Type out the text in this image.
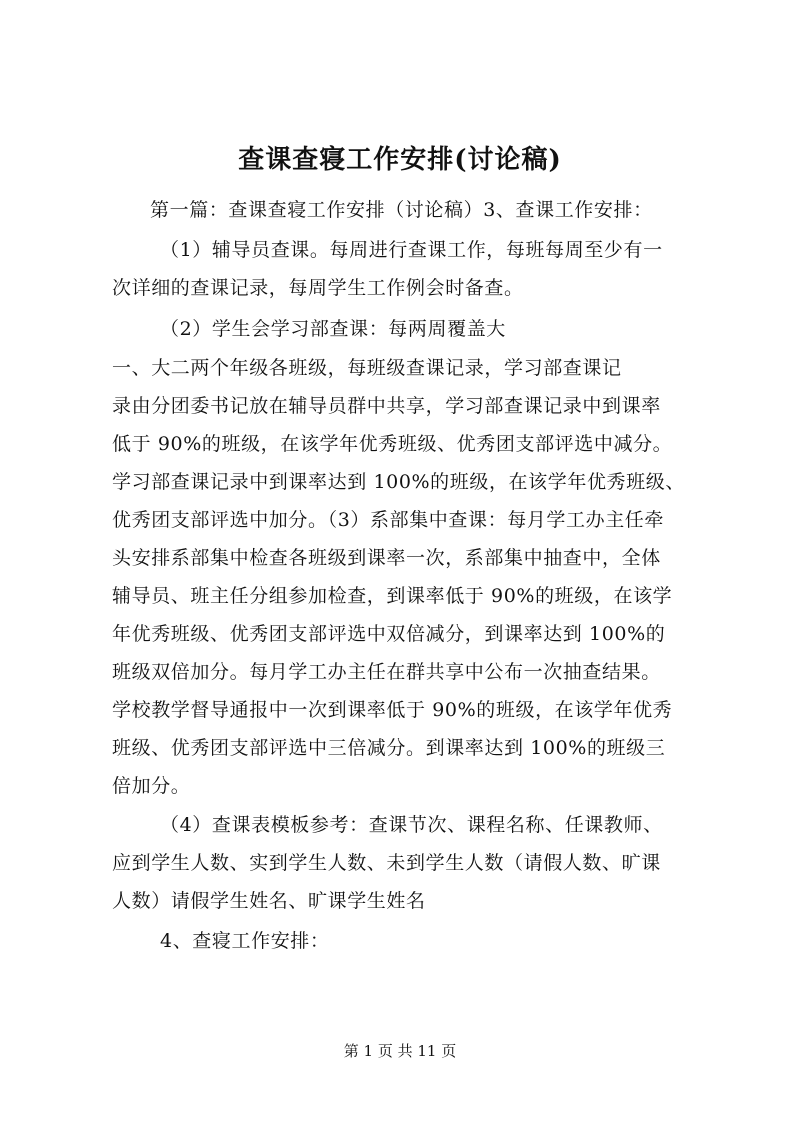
查课查寝工作安排(讨论稿)
第一篇：查课查寝工作安排（讨论稿）3、查课工作安排：
（1）辅导员查课。每周进行查课工作，每班每周至少有一
次详细的查课记录，每周学生工作例会时备查。
（2）学生会学习部查课：每两周覆盖大
一、大二两个年级各班级，每班级查课记录，学习部查课记
录由分团委书记放在辅导员群中共享，学习部查课记录中到课率
低于 90%的班级，在该学年优秀班级、优秀团支部评选中减分。
学习部查课记录中到课率达到 100%的班级，在该学年优秀班级、
优秀团支部评选中加分。（3）系部集中查课：每月学工办主任牵
头安排系部集中检查各班级到课率一次，系部集中抽查中，全体
辅导员、班主任分组参加检查，到课率低于 90%的班级，在该学
年优秀班级、优秀团支部评选中双倍减分，到课率达到 100%的
班级双倍加分。每月学工办主任在群共享中公布一次抽查结果。
学校教学督导通报中一次到课率低于 90%的班级，在该学年优秀
班级、优秀团支部评选中三倍减分。到课率达到 100%的班级三
倍加分。
（4）查课表模板参考：查课节次、课程名称、任课教师、
应到学生人数、实到学生人数、未到学生人数（请假人数、旷课
人数）请假学生姓名、旷课学生姓名
4、查寝工作安排：
第 1 页 共 11 页
